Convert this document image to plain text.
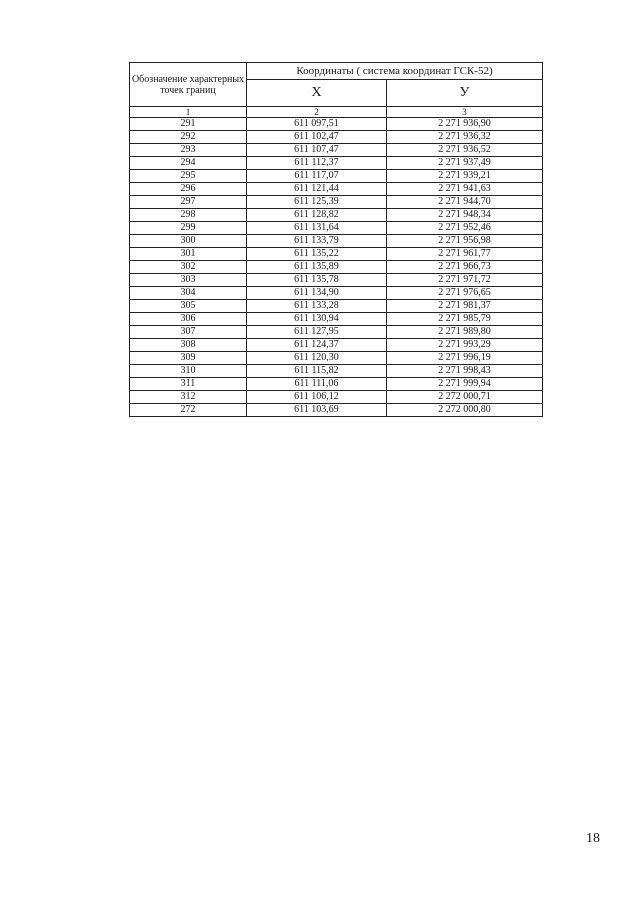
Обозначение характерных точек границ	Координаты ( система координат ГСК-52)	
	Х	У
1	2	3
291	611 097,51	2 271 936,90
292	611 102,47	2 271 936,32
293	611 107,47	2 271 936,52
294	611 112,37	2 271 937,49
295	611 117,07	2 271 939,21
296	611 121,44	2 271 941,63
297	611 125,39	2 271 944,70
298	611 128,82	2 271 948,34
299	611 131,64	2 271 952,46
300	611 133,79	2 271 956,98
301	611 135,22	2 271 961,77
302	611 135,89	2 271 966,73
303	611 135,78	2 271 971,72
304	611 134,90	2 271 976,65
305	611 133,28	2 271 981,37
306	611 130,94	2 271 985,79
307	611 127,95	2 271 989,80
308	611 124,37	2 271 993,29
309	611 120,30	2 271 996,19
310	611 115,82	2 271 998,43
311	611 111,06	2 271 999,94
312	611 106,12	2 272 000,71
272	611 103,69	2 272 000,80
18
